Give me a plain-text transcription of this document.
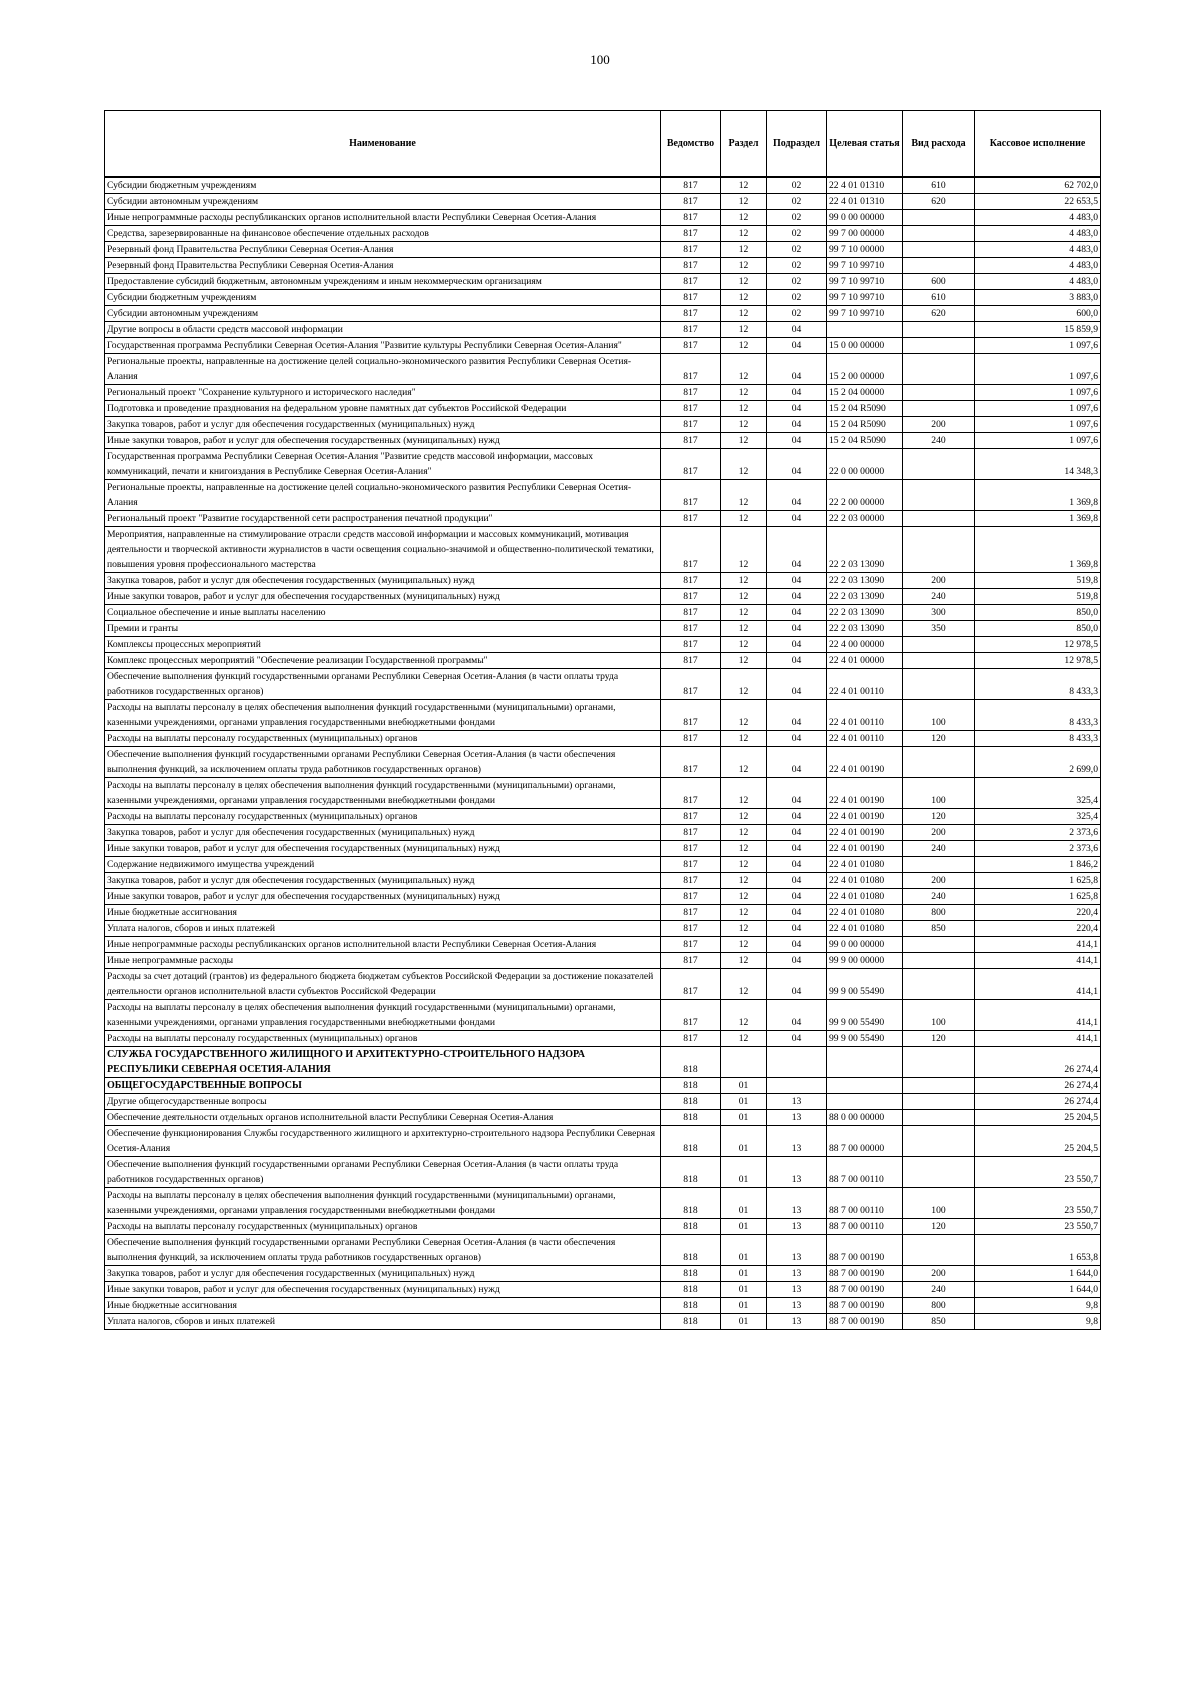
100
Наименование	Ведомство	Раздел	Подраздел	Целевая статья	Вид расхода	Кассовое исполнение
Субсидии бюджетным учреждениям	817	12	02	22 4 01 01310	610	62 702,0
Субсидии автономным учреждениям	817	12	02	22 4 01 01310	620	22 653,5
Иные непрограммные расходы республиканских органов исполнительной власти Республики Северная Осетия-Алания	817	12	02	99 0 00 00000		4 483,0
Средства, зарезервированные на финансовое обеспечение отдельных расходов	817	12	02	99 7 00 00000		4 483,0
Резервный фонд Правительства Республики Северная Осетия-Алания	817	12	02	99 7 10 00000		4 483,0
Резервный фонд Правительства Республики Северная Осетия-Алания	817	12	02	99 7 10 99710		4 483,0
Предоставление субсидий бюджетным, автономным учреждениям и иным некоммерческим организациям	817	12	02	99 7 10 99710	600	4 483,0
Субсидии бюджетным учреждениям	817	12	02	99 7 10 99710	610	3 883,0
Субсидии автономным учреждениям	817	12	02	99 7 10 99710	620	600,0
Другие вопросы в области средств массовой информации	817	12	04			15 859,9
Государственная программа Республики Северная Осетия-Алания "Развитие культуры Республики Северная Осетия-Алания"	817	12	04	15 0 00 00000		1 097,6
Региональные проекты, направленные на достижение целей социально-экономического развития Республики Северная Осетия-Алания	817	12	04	15 2 00 00000		1 097,6
Региональный проект "Сохранение культурного и исторического наследия"	817	12	04	15 2 04 00000		1 097,6
Подготовка и проведение празднования на федеральном уровне памятных дат субъектов Российской Федерации	817	12	04	15 2 04 R5090		1 097,6
Закупка товаров, работ и услуг для обеспечения государственных (муниципальных) нужд	817	12	04	15 2 04 R5090	200	1 097,6
Иные закупки товаров, работ и услуг для обеспечения государственных (муниципальных) нужд	817	12	04	15 2 04 R5090	240	1 097,6
Государственная программа Республики Северная Осетия-Алания "Развитие средств массовой информации, массовых коммуникаций, печати и книгоиздания в Республике Северная Осетия-Алания"	817	12	04	22 0 00 00000		14 348,3
Региональные проекты, направленные на достижение целей социально-экономического развития Республики Северная Осетия-Алания	817	12	04	22 2 00 00000		1 369,8
Региональный проект "Развитие государственной сети распространения печатной продукции"	817	12	04	22 2 03 00000		1 369,8
Мероприятия, направленные на стимулирование отрасли средств массовой информации и массовых коммуникаций, мотивация деятельности и творческой активности журналистов в части освещения социально-значимой и общественно-политической тематики, повышения уровня профессионального мастерства	817	12	04	22 2 03 13090		1 369,8
Закупка товаров, работ и услуг для обеспечения государственных (муниципальных) нужд	817	12	04	22 2 03 13090	200	519,8
Иные закупки товаров, работ и услуг для обеспечения государственных (муниципальных) нужд	817	12	04	22 2 03 13090	240	519,8
Социальное обеспечение и иные выплаты населению	817	12	04	22 2 03 13090	300	850,0
Премии и гранты	817	12	04	22 2 03 13090	350	850,0
Комплексы процессных мероприятий	817	12	04	22 4 00 00000		12 978,5
Комплекс процессных мероприятий "Обеспечение реализации Государственной программы"	817	12	04	22 4 01 00000		12 978,5
Обеспечение выполнения функций государственными органами Республики Северная Осетия-Алания (в части оплаты труда работников государственных органов)	817	12	04	22 4 01 00110		8 433,3
Расходы на выплаты персоналу в целях обеспечения выполнения функций государственными (муниципальными) органами, казенными учреждениями, органами управления государственными внебюджетными фондами	817	12	04	22 4 01 00110	100	8 433,3
Расходы на выплаты персоналу государственных (муниципальных) органов	817	12	04	22 4 01 00110	120	8 433,3
Обеспечение выполнения функций государственными органами Республики Северная Осетия-Алания (в части обеспечения выполнения функций, за исключением оплаты труда работников государственных органов)	817	12	04	22 4 01 00190		2 699,0
Расходы на выплаты персоналу в целях обеспечения выполнения функций государственными (муниципальными) органами, казенными учреждениями, органами управления государственными внебюджетными фондами	817	12	04	22 4 01 00190	100	325,4
Расходы на выплаты персоналу государственных (муниципальных) органов	817	12	04	22 4 01 00190	120	325,4
Закупка товаров, работ и услуг для обеспечения государственных (муниципальных) нужд	817	12	04	22 4 01 00190	200	2 373,6
Иные закупки товаров, работ и услуг для обеспечения государственных (муниципальных) нужд	817	12	04	22 4 01 00190	240	2 373,6
Содержание недвижимого имущества учреждений	817	12	04	22 4 01 01080		1 846,2
Закупка товаров, работ и услуг для обеспечения государственных (муниципальных) нужд	817	12	04	22 4 01 01080	200	1 625,8
Иные закупки товаров, работ и услуг для обеспечения государственных (муниципальных) нужд	817	12	04	22 4 01 01080	240	1 625,8
Иные бюджетные ассигнования	817	12	04	22 4 01 01080	800	220,4
Уплата налогов, сборов и иных платежей	817	12	04	22 4 01 01080	850	220,4
Иные непрограммные расходы республиканских органов исполнительной власти Республики Северная Осетия-Алания	817	12	04	99 0 00 00000		414,1
Иные непрограммные расходы	817	12	04	99 9 00 00000		414,1
Расходы за счет дотаций (грантов) из федерального бюджета бюджетам субъектов Российской Федерации за достижение показателей деятельности органов исполнительной власти субъектов Российской Федерации	817	12	04	99 9 00 55490		414,1
Расходы на выплаты персоналу в целях обеспечения выполнения функций государственными (муниципальными) органами, казенными учреждениями, органами управления государственными внебюджетными фондами	817	12	04	99 9 00 55490	100	414,1
Расходы на выплаты персоналу государственных (муниципальных) органов	817	12	04	99 9 00 55490	120	414,1
СЛУЖБА ГОСУДАРСТВЕННОГО ЖИЛИЩНОГО И АРХИТЕКТУРНО-СТРОИТЕЛЬНОГО НАДЗОРА РЕСПУБЛИКИ СЕВЕРНАЯ ОСЕТИЯ-АЛАНИЯ	818					26 274,4
ОБЩЕГОСУДАРСТВЕННЫЕ ВОПРОСЫ	818	01				26 274,4
Другие общегосударственные вопросы	818	01	13			26 274,4
Обеспечение деятельности отдельных органов исполнительной власти Республики Северная Осетия-Алания	818	01	13	88 0 00 00000		25 204,5
Обеспечение функционирования Службы государственного жилищного и архитектурно-строительного надзора Республики Северная Осетия-Алания	818	01	13	88 7 00 00000		25 204,5
Обеспечение выполнения функций государственными органами Республики Северная Осетия-Алания (в части оплаты труда работников государственных органов)	818	01	13	88 7 00 00110		23 550,7
Расходы на выплаты персоналу в целях обеспечения выполнения функций государственными (муниципальными) органами, казенными учреждениями, органами управления государственными внебюджетными фондами	818	01	13	88 7 00 00110	100	23 550,7
Расходы на выплаты персоналу государственных (муниципальных) органов	818	01	13	88 7 00 00110	120	23 550,7
Обеспечение выполнения функций государственными органами Республики Северная Осетия-Алания (в части обеспечения выполнения функций, за исключением оплаты труда работников государственных органов)	818	01	13	88 7 00 00190		1 653,8
Закупка товаров, работ и услуг для обеспечения государственных (муниципальных) нужд	818	01	13	88 7 00 00190	200	1 644,0
Иные закупки товаров, работ и услуг для обеспечения государственных (муниципальных) нужд	818	01	13	88 7 00 00190	240	1 644,0
Иные бюджетные ассигнования	818	01	13	88 7 00 00190	800	9,8
Уплата налогов, сборов и иных платежей	818	01	13	88 7 00 00190	850	9,8
